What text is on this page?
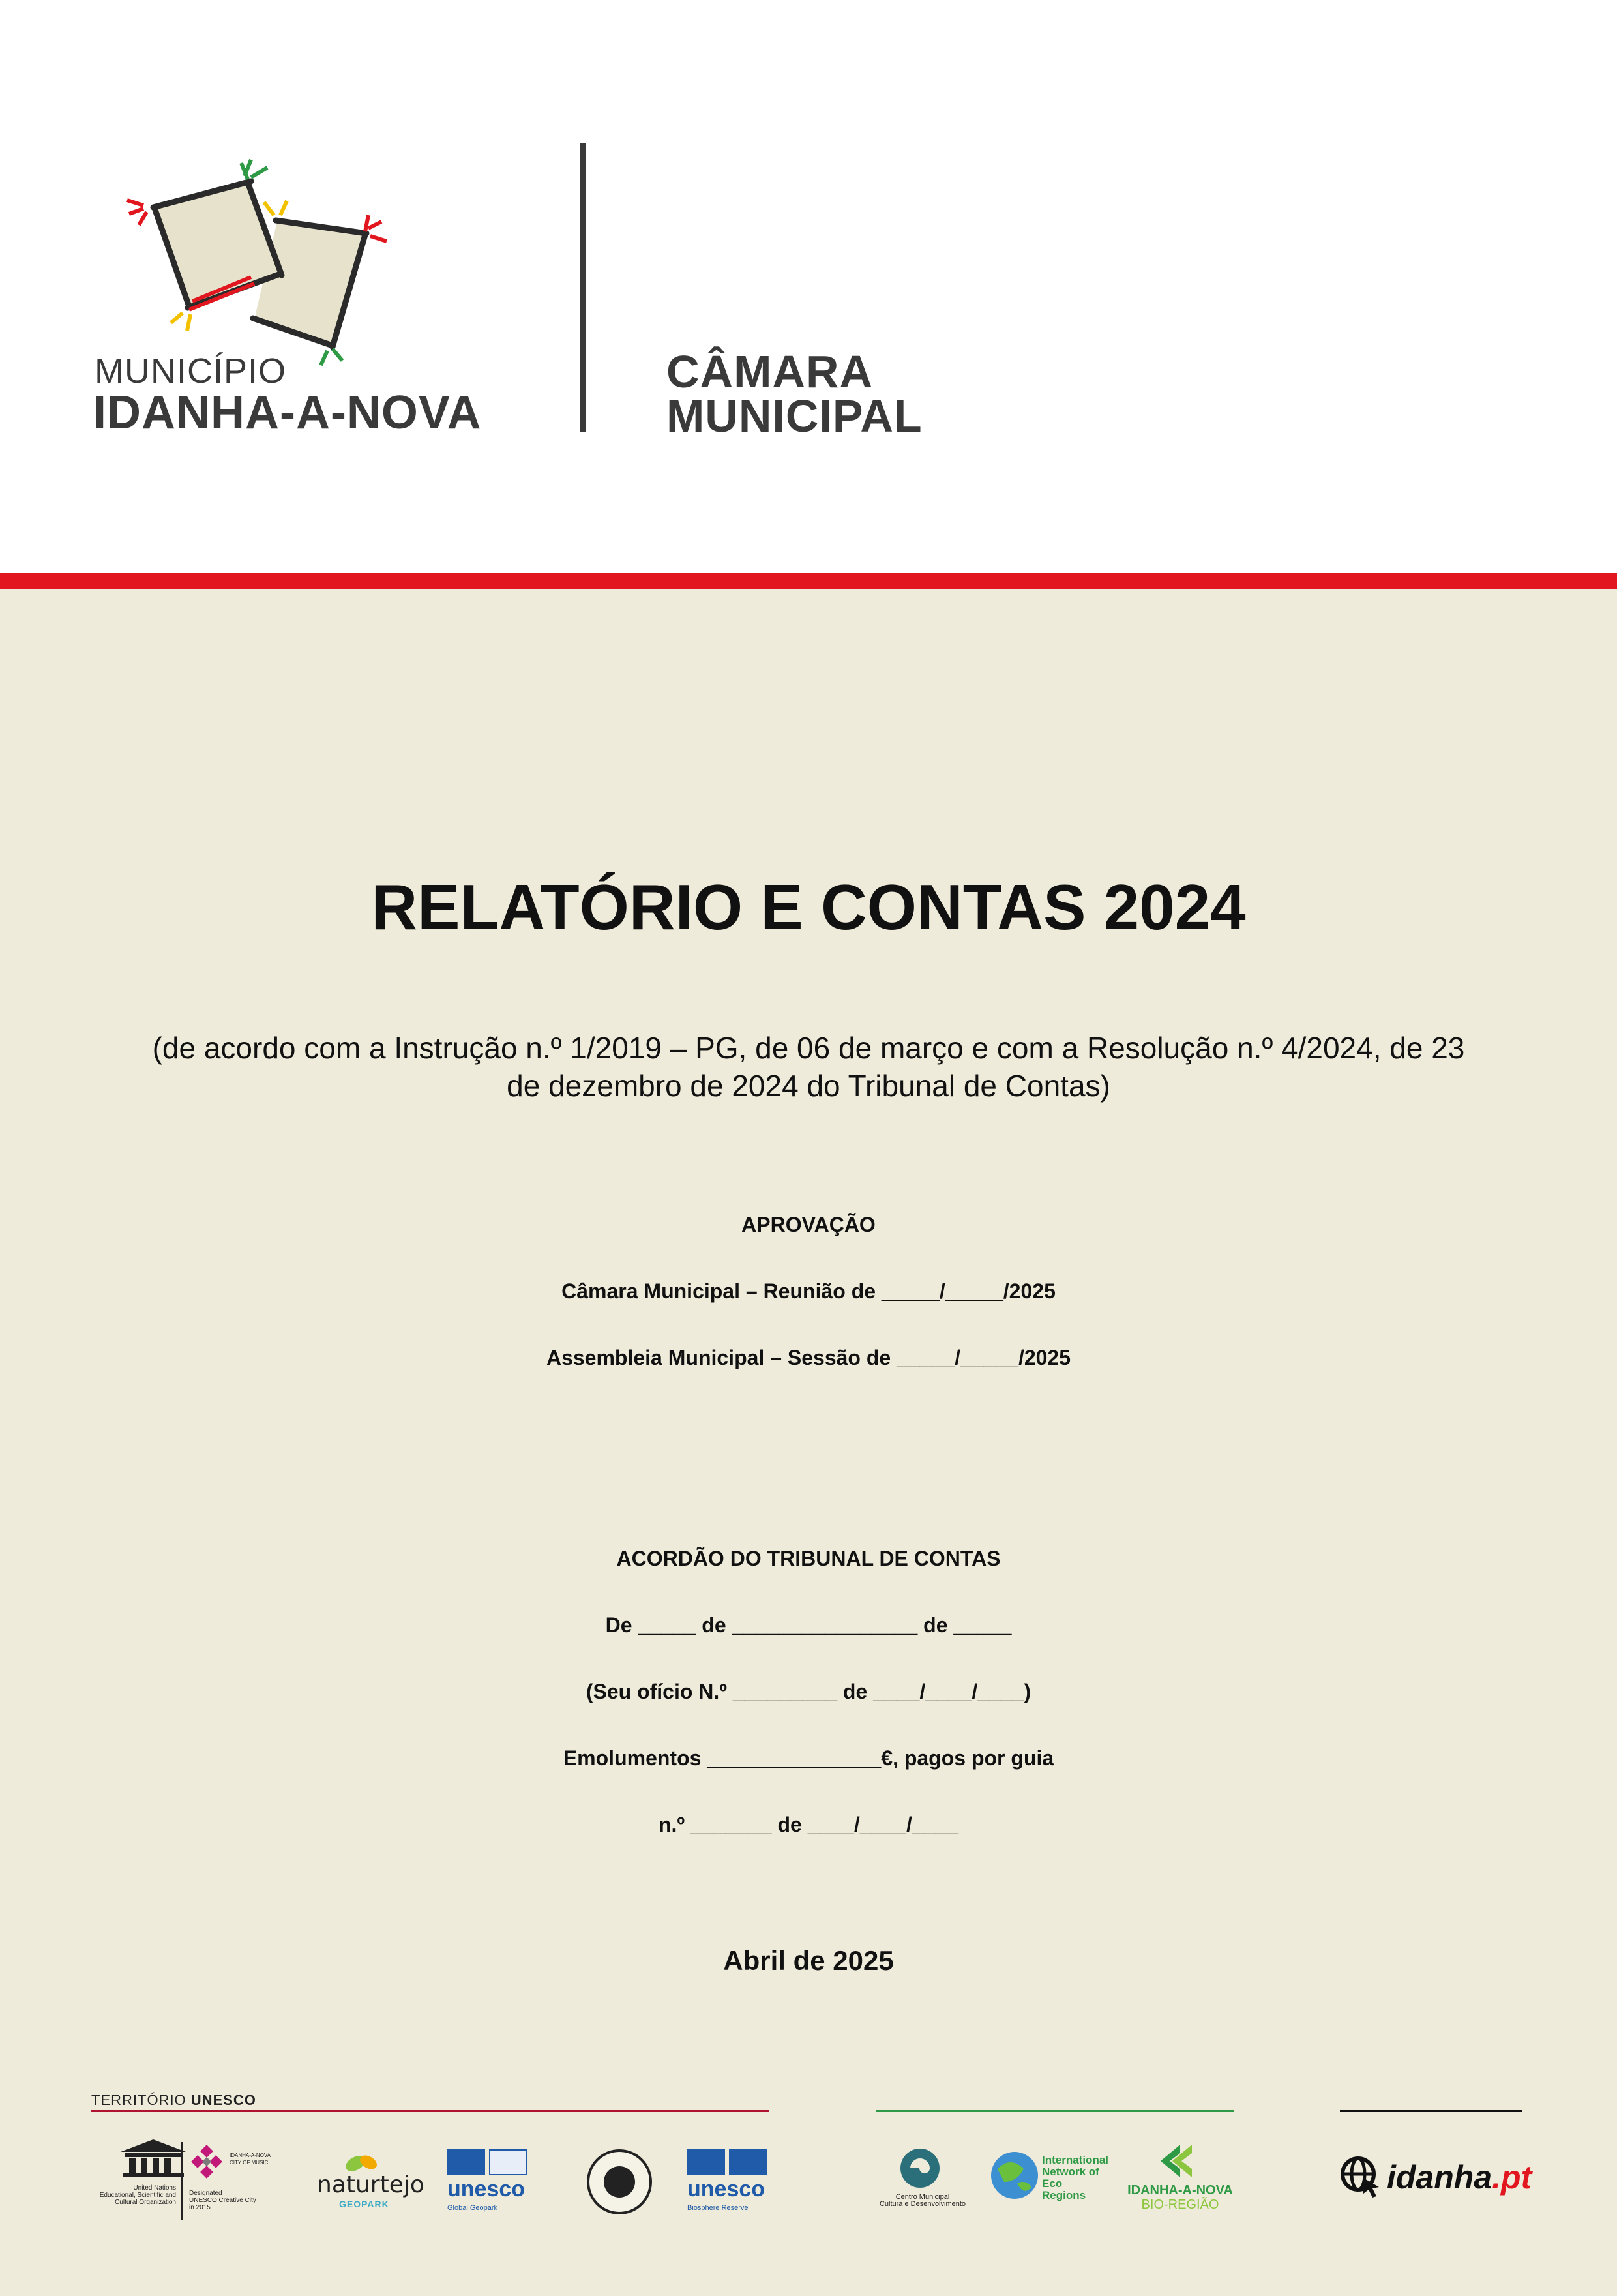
MUNICÍPIO
IDANHA-A-NOVA
CÂMARA
MUNICIPAL
RELATÓRIO E CONTAS 2024
(de acordo com a Instrução n.º 1/2019 – PG, de 06 de março e com a Resolução n.º 4/2024, de 23
de dezembro de 2024 do Tribunal de Contas)
APROVAÇÃO
Câmara Municipal – Reunião de _____/_____/2025
Assembleia Municipal – Sessão de _____/_____/2025
ACORDÃO DO TRIBUNAL DE CONTAS
De _____ de ________________ de _____
(Seu ofício N.º _________ de ____/____/____)
Emolumentos _______________€, pagos por guia
n.º _______ de ____/____/____
Abril de 2025
TERRITÓRIO UNESCO
United Nations
Educational, Scientific and
Cultural Organization
IDANHA-A-NOVA CITY OF MUSIC
Designated
UNESCO Creative City
in 2015
naturtejo
GEOPARK
unesco
Global Geopark
unesco
Biosphere Reserve
Centro Municipal
Cultura e Desenvolvimento
International
Network of
Eco
Regions	IDANHA-A-NOVA
BIO-REGIÃO
idanha.pt
